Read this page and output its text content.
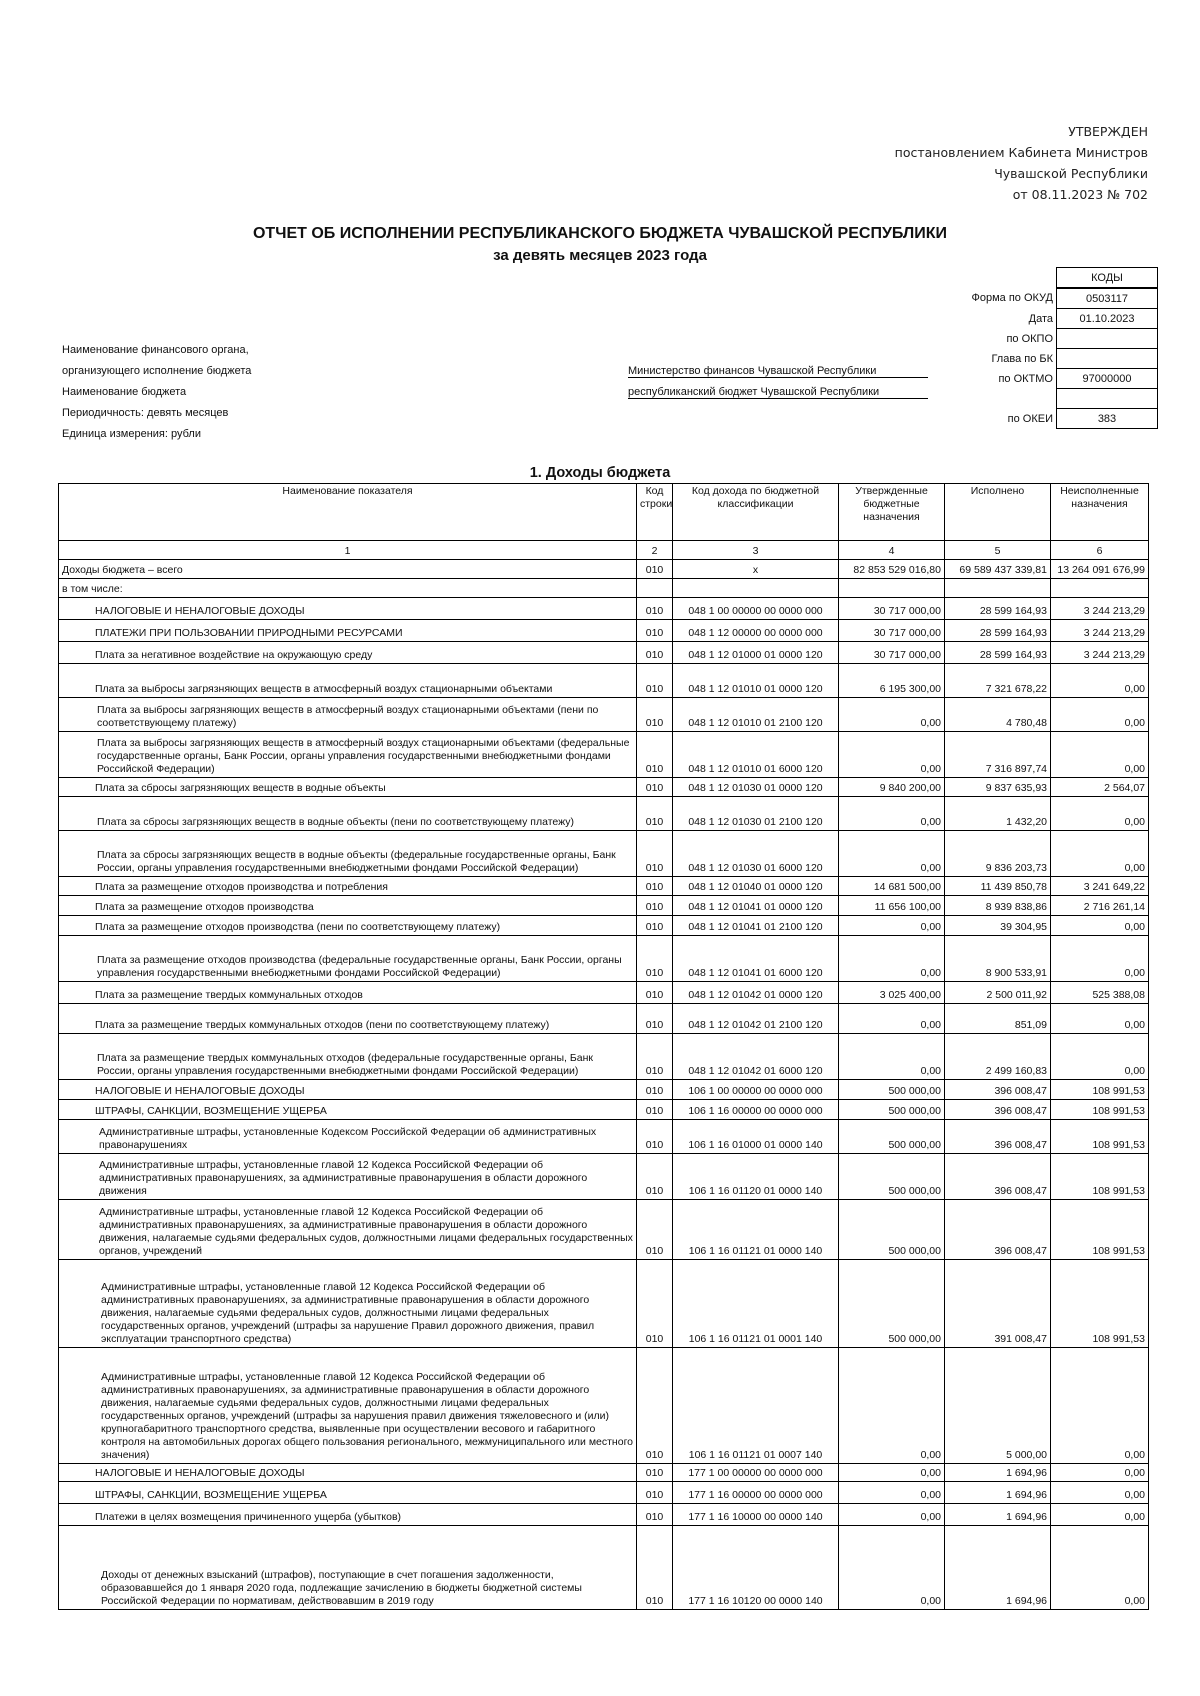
УТВЕРЖДЕН
постановлением Кабинета Министров
Чувашской Республики
от 08.11.2023 № 702
ОТЧЕТ ОБ ИСПОЛНЕНИИ РЕСПУБЛИКАНСКОГО БЮДЖЕТА ЧУВАШСКОЙ РЕСПУБЛИКИ
за девять месяцев 2023 года
	КОДЫ
Форма по ОКУД	0503117
Дата	01.10.2023
по ОКПО	
Глава по БК	
по ОКТМО	97000000

по ОКЕИ	383
Наименование финансового органа,
организующего исполнение бюджета	Министерство финансов Чувашской Республики
Наименование бюджета	республиканский бюджет Чувашской Республики
Периодичность: девять месяцев
Единица измерения: рубли
1. Доходы бюджета
Наименование показателя	Код строки	Код дохода по бюджетной классификации	Утвержденные бюджетные назначения	Исполнено	Неисполненные назначения
1	2	3	4	5	6
Доходы бюджета – всего	010	x	82 853 529 016,80	69 589 437 339,81	13 264 091 676,99
в том числе:					
НАЛОГОВЫЕ И НЕНАЛОГОВЫЕ ДОХОДЫ	010	048 1 00 00000 00 0000 000	30 717 000,00	28 599 164,93	3 244 213,29
ПЛАТЕЖИ ПРИ ПОЛЬЗОВАНИИ ПРИРОДНЫМИ РЕСУРСАМИ	010	048 1 12 00000 00 0000 000	30 717 000,00	28 599 164,93	3 244 213,29
Плата за негативное воздействие на окружающую среду	010	048 1 12 01000 01 0000 120	30 717 000,00	28 599 164,93	3 244 213,29
Плата за выбросы загрязняющих веществ в атмосферный воздух стационарными объектами	010	048 1 12 01010 01 0000 120	6 195 300,00	7 321 678,22	0,00
Плата за выбросы загрязняющих веществ в атмосферный воздух стационарными объектами (пени по соответствующему платежу)	010	048 1 12 01010 01 2100 120	0,00	4 780,48	0,00
Плата за выбросы загрязняющих веществ в атмосферный воздух стационарными объектами (федеральные государственные органы, Банк России, органы управления государственными внебюджетными фондами Российской Федерации)	010	048 1 12 01010 01 6000 120	0,00	7 316 897,74	0,00
Плата за сбросы загрязняющих веществ в водные объекты	010	048 1 12 01030 01 0000 120	9 840 200,00	9 837 635,93	2 564,07
Плата за сбросы загрязняющих веществ в водные объекты (пени по соответствующему платежу)	010	048 1 12 01030 01 2100 120	0,00	1 432,20	0,00
Плата за сбросы загрязняющих веществ в водные объекты (федеральные государственные органы, Банк России, органы управления государственными внебюджетными фондами Российской Федерации)	010	048 1 12 01030 01 6000 120	0,00	9 836 203,73	0,00
Плата за размещение отходов производства и потребления	010	048 1 12 01040 01 0000 120	14 681 500,00	11 439 850,78	3 241 649,22
Плата за размещение отходов производства	010	048 1 12 01041 01 0000 120	11 656 100,00	8 939 838,86	2 716 261,14
Плата за размещение отходов производства (пени по соответствующему платежу)	010	048 1 12 01041 01 2100 120	0,00	39 304,95	0,00
Плата за размещение отходов производства (федеральные государственные органы, Банк России, органы управления государственными внебюджетными фондами Российской Федерации)	010	048 1 12 01041 01 6000 120	0,00	8 900 533,91	0,00
Плата за размещение твердых коммунальных отходов	010	048 1 12 01042 01 0000 120	3 025 400,00	2 500 011,92	525 388,08
Плата за размещение твердых коммунальных отходов (пени по соответствующему платежу)	010	048 1 12 01042 01 2100 120	0,00	851,09	0,00
Плата за размещение твердых коммунальных отходов (федеральные государственные органы, Банк России, органы управления государственными внебюджетными фондами Российской Федерации)	010	048 1 12 01042 01 6000 120	0,00	2 499 160,83	0,00
НАЛОГОВЫЕ И НЕНАЛОГОВЫЕ ДОХОДЫ	010	106 1 00 00000 00 0000 000	500 000,00	396 008,47	108 991,53
ШТРАФЫ, САНКЦИИ, ВОЗМЕЩЕНИЕ УЩЕРБА	010	106 1 16 00000 00 0000 000	500 000,00	396 008,47	108 991,53
Административные штрафы, установленные Кодексом Российской Федерации об административных правонарушениях	010	106 1 16 01000 01 0000 140	500 000,00	396 008,47	108 991,53
Административные штрафы, установленные главой 12 Кодекса Российской Федерации об административных правонарушениях, за административные правонарушения в области дорожного движения	010	106 1 16 01120 01 0000 140	500 000,00	396 008,47	108 991,53
Административные штрафы, установленные главой 12 Кодекса Российской Федерации об административных правонарушениях, за административные правонарушения в области дорожного движения, налагаемые судьями федеральных судов, должностными лицами федеральных государственных органов, учреждений	010	106 1 16 01121 01 0000 140	500 000,00	396 008,47	108 991,53
Административные штрафы, установленные главой 12 Кодекса Российской Федерации об административных правонарушениях, за административные правонарушения в области дорожного движения, налагаемые судьями федеральных судов, должностными лицами федеральных государственных органов, учреждений (штрафы за нарушение Правил дорожного движения, правил эксплуатации транспортного средства)	010	106 1 16 01121 01 0001 140	500 000,00	391 008,47	108 991,53
Административные штрафы, установленные главой 12 Кодекса Российской Федерации об административных правонарушениях, за административные правонарушения в области дорожного движения, налагаемые судьями федеральных судов, должностными лицами федеральных государственных органов, учреждений (штрафы за нарушения правил движения тяжеловесного и (или) крупногабаритного транспортного средства, выявленные при осуществлении весового и габаритного контроля на автомобильных дорогах общего пользования регионального, межмуниципального или местного значения)	010	106 1 16 01121 01 0007 140	0,00	5 000,00	0,00
НАЛОГОВЫЕ И НЕНАЛОГОВЫЕ ДОХОДЫ	010	177 1 00 00000 00 0000 000	0,00	1 694,96	0,00
ШТРАФЫ, САНКЦИИ, ВОЗМЕЩЕНИЕ УЩЕРБА	010	177 1 16 00000 00 0000 000	0,00	1 694,96	0,00
Платежи в целях возмещения причиненного ущерба (убытков)	010	177 1 16 10000 00 0000 140	0,00	1 694,96	0,00
Доходы от денежных взысканий (штрафов), поступающие в счет погашения задолженности, образовавшейся до 1 января 2020 года, подлежащие зачислению в бюджеты бюджетной системы Российской Федерации по нормативам, действовавшим в 2019 году	010	177 1 16 10120 00 0000 140	0,00	1 694,96	0,00
